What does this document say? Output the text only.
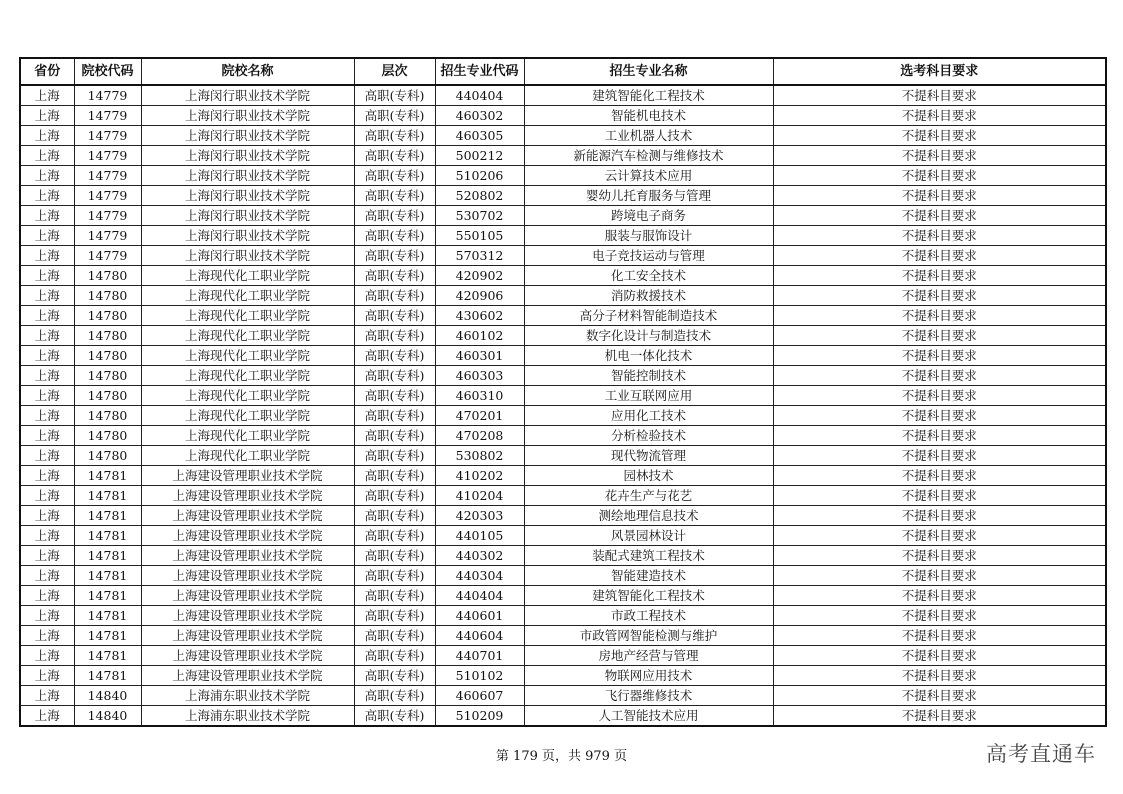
省份	院校代码	院校名称	层次	招生专业代码	招生专业名称	选考科目要求
上海	14779	上海闵行职业技术学院	高职(专科)	440404	建筑智能化工程技术	不提科目要求
上海	14779	上海闵行职业技术学院	高职(专科)	460302	智能机电技术	不提科目要求
上海	14779	上海闵行职业技术学院	高职(专科)	460305	工业机器人技术	不提科目要求
上海	14779	上海闵行职业技术学院	高职(专科)	500212	新能源汽车检测与维修技术	不提科目要求
上海	14779	上海闵行职业技术学院	高职(专科)	510206	云计算技术应用	不提科目要求
上海	14779	上海闵行职业技术学院	高职(专科)	520802	婴幼儿托育服务与管理	不提科目要求
上海	14779	上海闵行职业技术学院	高职(专科)	530702	跨境电子商务	不提科目要求
上海	14779	上海闵行职业技术学院	高职(专科)	550105	服装与服饰设计	不提科目要求
上海	14779	上海闵行职业技术学院	高职(专科)	570312	电子竞技运动与管理	不提科目要求
上海	14780	上海现代化工职业学院	高职(专科)	420902	化工安全技术	不提科目要求
上海	14780	上海现代化工职业学院	高职(专科)	420906	消防救援技术	不提科目要求
上海	14780	上海现代化工职业学院	高职(专科)	430602	高分子材料智能制造技术	不提科目要求
上海	14780	上海现代化工职业学院	高职(专科)	460102	数字化设计与制造技术	不提科目要求
上海	14780	上海现代化工职业学院	高职(专科)	460301	机电一体化技术	不提科目要求
上海	14780	上海现代化工职业学院	高职(专科)	460303	智能控制技术	不提科目要求
上海	14780	上海现代化工职业学院	高职(专科)	460310	工业互联网应用	不提科目要求
上海	14780	上海现代化工职业学院	高职(专科)	470201	应用化工技术	不提科目要求
上海	14780	上海现代化工职业学院	高职(专科)	470208	分析检验技术	不提科目要求
上海	14780	上海现代化工职业学院	高职(专科)	530802	现代物流管理	不提科目要求
上海	14781	上海建设管理职业技术学院	高职(专科)	410202	园林技术	不提科目要求
上海	14781	上海建设管理职业技术学院	高职(专科)	410204	花卉生产与花艺	不提科目要求
上海	14781	上海建设管理职业技术学院	高职(专科)	420303	测绘地理信息技术	不提科目要求
上海	14781	上海建设管理职业技术学院	高职(专科)	440105	风景园林设计	不提科目要求
上海	14781	上海建设管理职业技术学院	高职(专科)	440302	装配式建筑工程技术	不提科目要求
上海	14781	上海建设管理职业技术学院	高职(专科)	440304	智能建造技术	不提科目要求
上海	14781	上海建设管理职业技术学院	高职(专科)	440404	建筑智能化工程技术	不提科目要求
上海	14781	上海建设管理职业技术学院	高职(专科)	440601	市政工程技术	不提科目要求
上海	14781	上海建设管理职业技术学院	高职(专科)	440604	市政管网智能检测与维护	不提科目要求
上海	14781	上海建设管理职业技术学院	高职(专科)	440701	房地产经营与管理	不提科目要求
上海	14781	上海建设管理职业技术学院	高职(专科)	510102	物联网应用技术	不提科目要求
上海	14840	上海浦东职业技术学院	高职(专科)	460607	飞行器维修技术	不提科目要求
上海	14840	上海浦东职业技术学院	高职(专科)	510209	人工智能技术应用	不提科目要求
第 179 页，共 979 页	高考直通车
